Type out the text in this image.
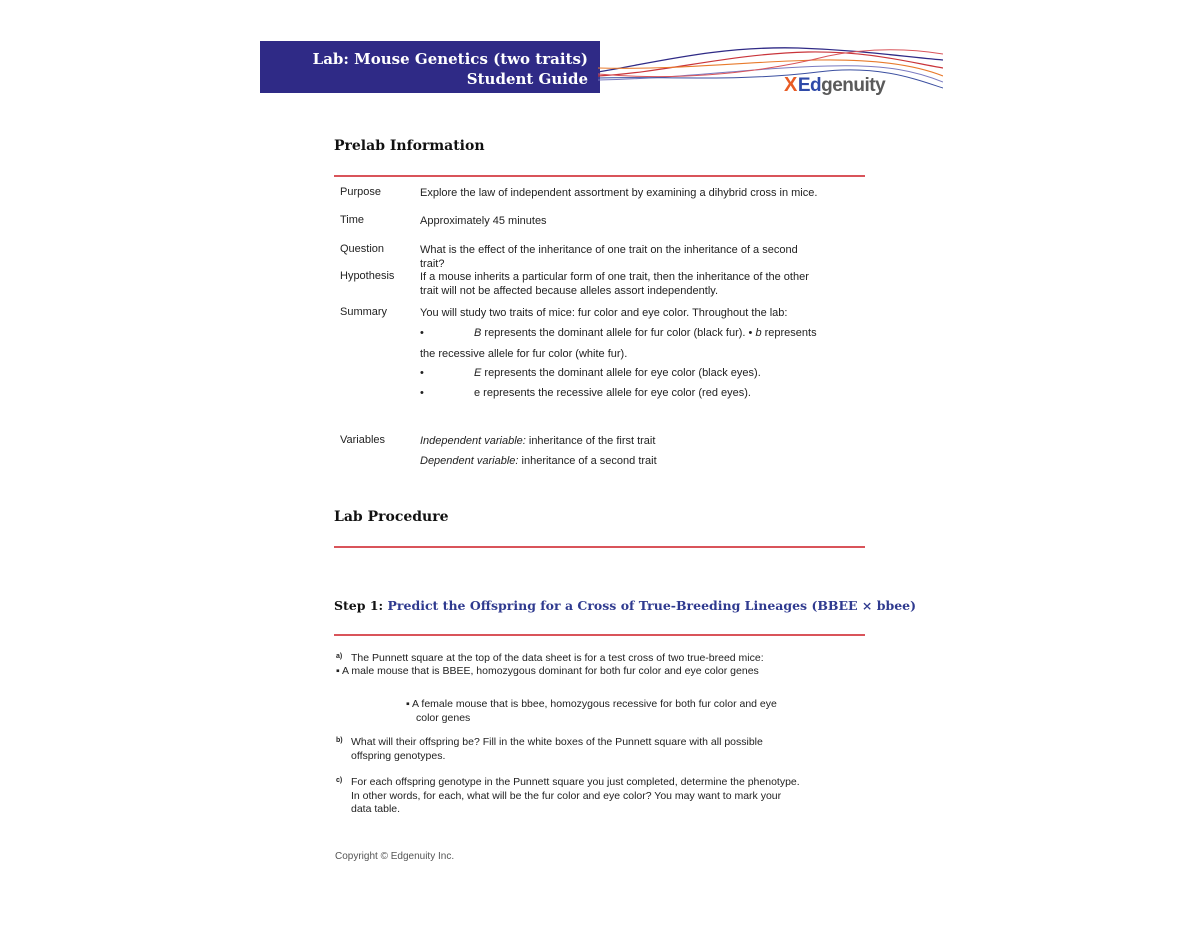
Lab: Mouse Genetics (two traits)
Student Guide	XEdgenuity
Prelab Information
Purpose	Explore the law of independent assortment by examining a dihybrid cross in mice.
Time	Approximately 45 minutes
Question	What is the effect of the inheritance of one trait on the inheritance of a second
trait?
Hypothesis If a mouse inherits a particular form of one trait, then the inheritance of the other
trait will not be affected because alleles assort independently.
Summary	You will study two traits of mice: fur color and eye color. Throughout the lab:
•	B represents the dominant allele for fur color (black fur). • b represents
the recessive allele for fur color (white fur).
•	E represents the dominant allele for eye color (black eyes).
•	e represents the recessive allele for eye color (red eyes).
Variables	Independent variable: inheritance of the first trait
Dependent variable: inheritance of a second trait
Lab Procedure
Step 1: Predict the Offspring for a Cross of True-Breeding Lineages (BBEE × bbee)
$^{a)}$ The Punnett square at the top of the data sheet is for a test cross of two true-breed mice:
▪ A male mouse that is BBEE, homozygous dominant for both fur color and eye color genes
▪ A female mouse that is bbee, homozygous recessive for both fur color and eye
color genes
$^{b)}$ What will their offspring be? Fill in the white boxes of the Punnett square with all possible
offspring genotypes.
$^{c)}$ For each offspring genotype in the Punnett square you just completed, determine the phenotype.
In other words, for each, what will be the fur color and eye color? You may want to mark your
data table.
Copyright © Edgenuity Inc.
